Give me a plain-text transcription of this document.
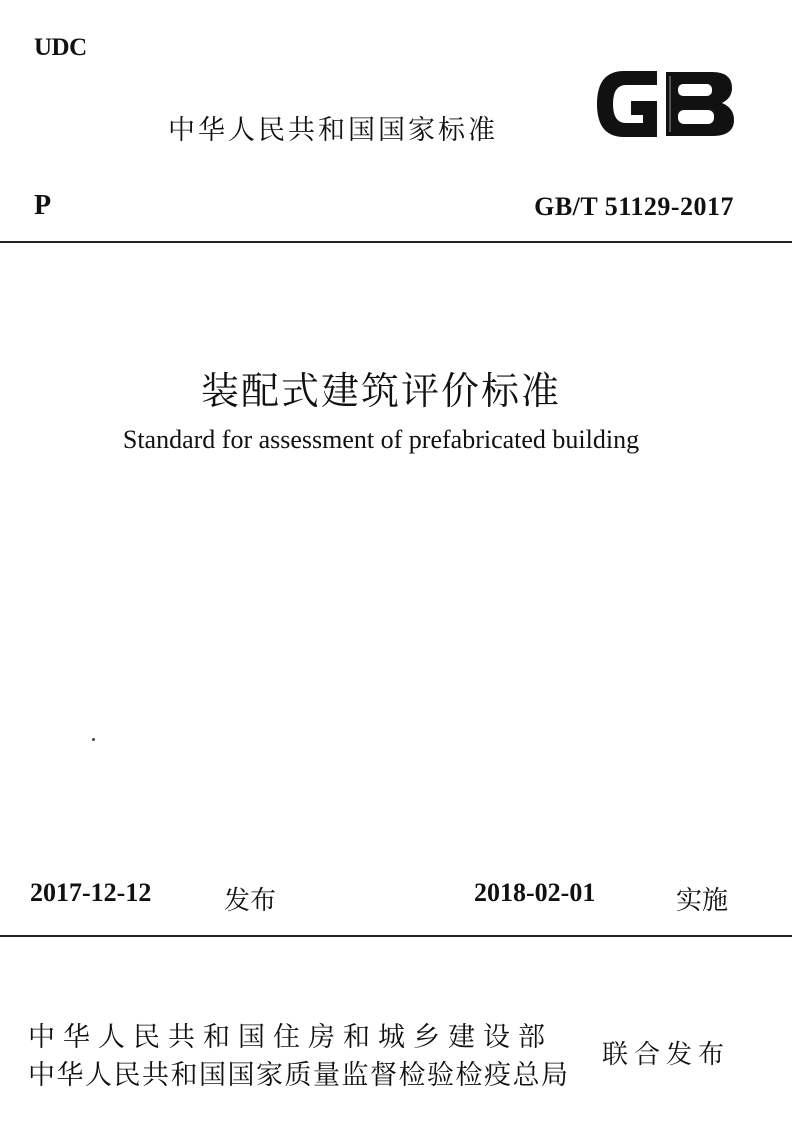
UDC
中华人民共和国国家标准
P	GB/T 51129-2017
装配式建筑评价标准
Standard for assessment of prefabricated building
2017-12-12	发布	2018-02-01	实施
中华人民共和国住房和城乡建设部
中华人民共和国国家质量监督检验检疫总局
联合发布
